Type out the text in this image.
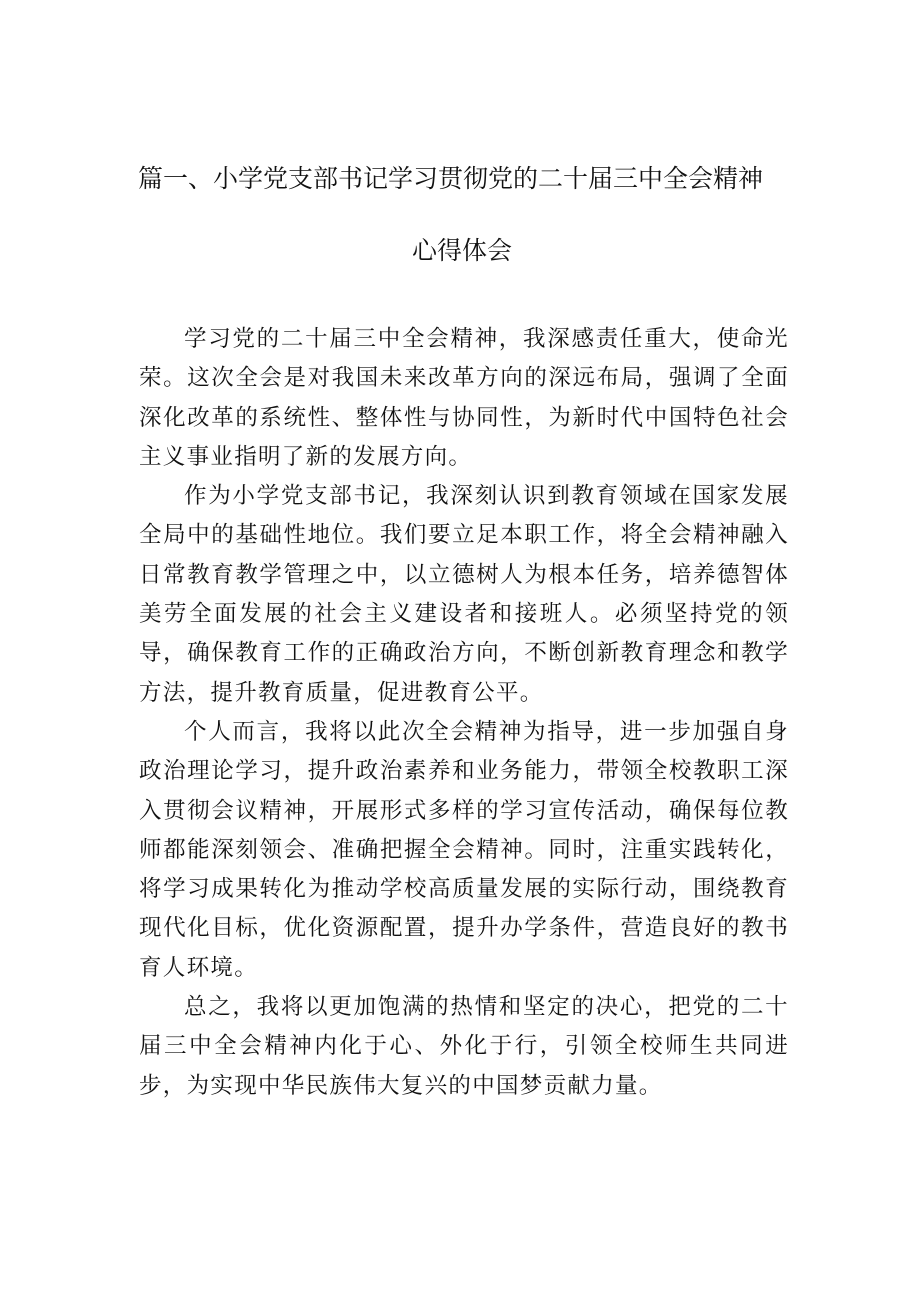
篇一、小学党支部书记学习贯彻党的二十届三中全会精神
心得体会

学习党的二十届三中全会精神，我深感责任重大，使命光荣。这次全会是对我国未来改革方向的深远布局，强调了全面深化改革的系统性、整体性与协同性，为新时代中国特色社会主义事业指明了新的发展方向。

作为小学党支部书记，我深刻认识到教育领域在国家发展全局中的基础性地位。我们要立足本职工作，将全会精神融入日常教育教学管理之中，以立德树人为根本任务，培养德智体美劳全面发展的社会主义建设者和接班人。必须坚持党的领导，确保教育工作的正确政治方向，不断创新教育理念和教学方法，提升教育质量，促进教育公平。

个人而言，我将以此次全会精神为指导，进一步加强自身政治理论学习，提升政治素养和业务能力，带领全校教职工深入贯彻会议精神，开展形式多样的学习宣传活动，确保每位教师都能深刻领会、准确把握全会精神。同时，注重实践转化，将学习成果转化为推动学校高质量发展的实际行动，围绕教育现代化目标，优化资源配置，提升办学条件，营造良好的教书育人环境。

总之，我将以更加饱满的热情和坚定的决心，把党的二十届三中全会精神内化于心、外化于行，引领全校师生共同进步，为实现中华民族伟大复兴的中国梦贡献力量。
